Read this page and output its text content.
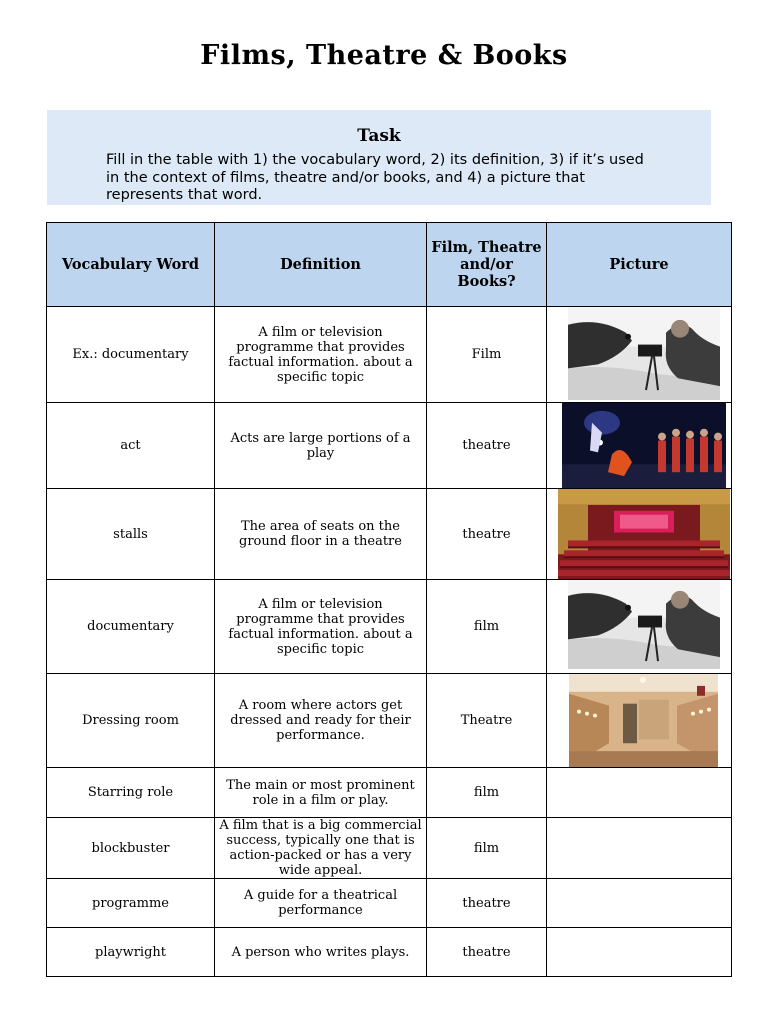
Films, Theatre & Books
Task
Fill in the table with 1) the vocabulary word, 2) its definition, 3) if it’s used in the context of films, theatre and/or books, and 4) a picture that represents that word.
Vocabulary Word	Definition	Film, Theatre and/or Books?	Picture
Ex.: documentary	A film or television programme that provides factual information. about a specific topic	Film	

act	Acts are large portions of a play	theatre	

stalls	The area of seats on the ground floor in a theatre	theatre	

documentary	A film or television programme that provides factual information. about a specific topic	film	

Dressing room	A room where actors get dressed and ready for their performance.	Theatre	

Starring role	The main or most prominent role in a film or play.	film	
blockbuster	A film that is a big commercial success, typically one that is action-packed or has a very wide appeal.	film	
programme	A guide for a theatrical performance	theatre	
playwright	A person who writes plays.	theatre	
